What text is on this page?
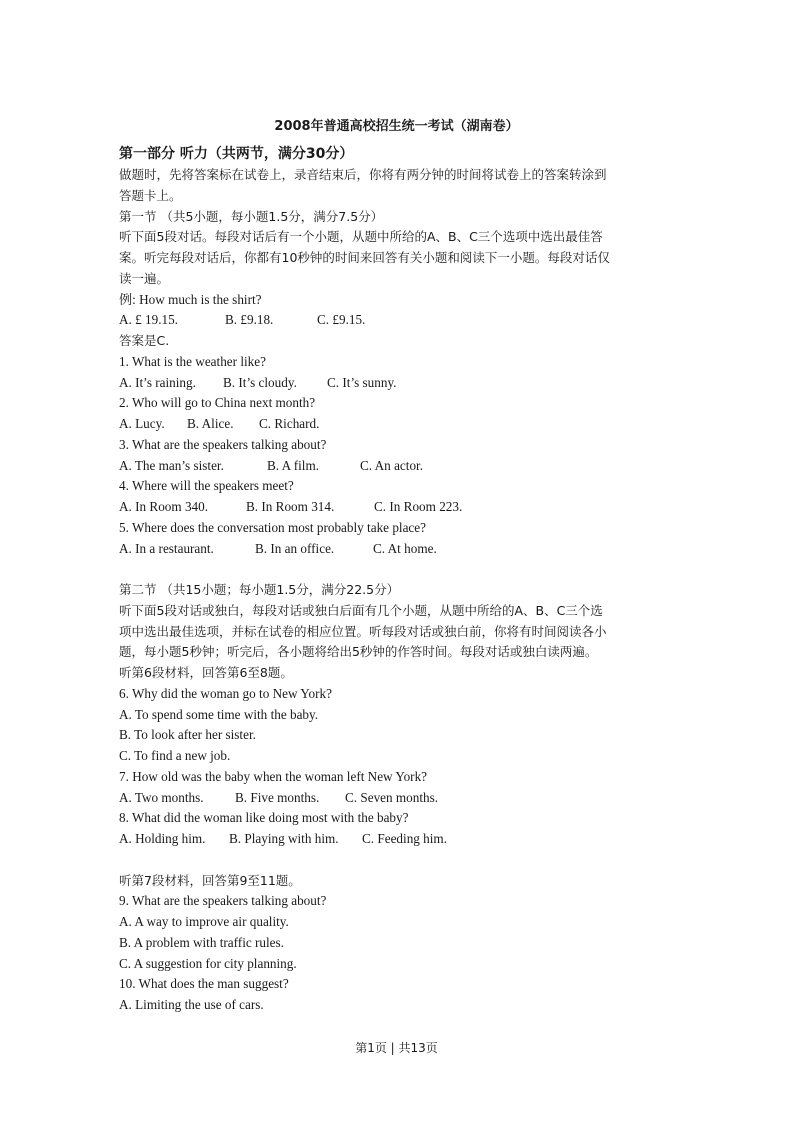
2008年普通高校招生统一考试（湖南卷）
第一部分 听力（共两节，满分30分）
做题时，先将答案标在试卷上，录音结束后，你将有两分钟的时间将试卷上的答案转涂到
答题卡上。
第一节 （共5小题，每小题1.5分，满分7.5分）
听下面5段对话。每段对话后有一个小题，从题中所给的A、B、C三个选项中选出最佳答
案。听完每段对话后，你都有10秒钟的时间来回答有关小题和阅读下一小题。每段对话仅
读一遍。
例: How much is the shirt?
A. £ 19.15.	B. £9.18.	C. £9.15.
答案是C.
1. What is the weather like?
A. It’s raining. B. It’s cloudy. C. It’s sunny.
2. Who will go to China next month?
A. Lucy. B. Alice. C. Richard.
3. What are the speakers talking about?
A. The man’s sister.	B. A film.	C. An actor.
4. Where will the speakers meet?
A. In Room 340.	B. In Room 314.	C. In Room 223.
5. Where does the conversation most probably take place?
A. In a restaurant.	B. In an office.	C. At home.
第二节 （共15小题；每小题1.5分，满分22.5分）
听下面5段对话或独白，每段对话或独白后面有几个小题，从题中所给的A、B、C三个选
项中选出最佳选项，并标在试卷的相应位置。听每段对话或独白前，你将有时间阅读各小
题，每小题5秒钟；听完后，各小题将给出5秒钟的作答时间。每段对话或独白读两遍。
听第6段材料，回答第6至8题。
6. Why did the woman go to New York?
A. To spend some time with the baby.
B. To look after her sister.
C. To find a new job.
7. How old was the baby when the woman left New York?
A. Two months. B. Five months. C. Seven months.
8. What did the woman like doing most with the baby?
A. Holding him. B. Playing with him. C. Feeding him.
听第7段材料，回答第9至11题。
9. What are the speakers talking about?
A. A way to improve air quality.
B. A problem with traffic rules.
C. A suggestion for city planning.
10. What does the man suggest?
A. Limiting the use of cars.
第1页 | 共13页
